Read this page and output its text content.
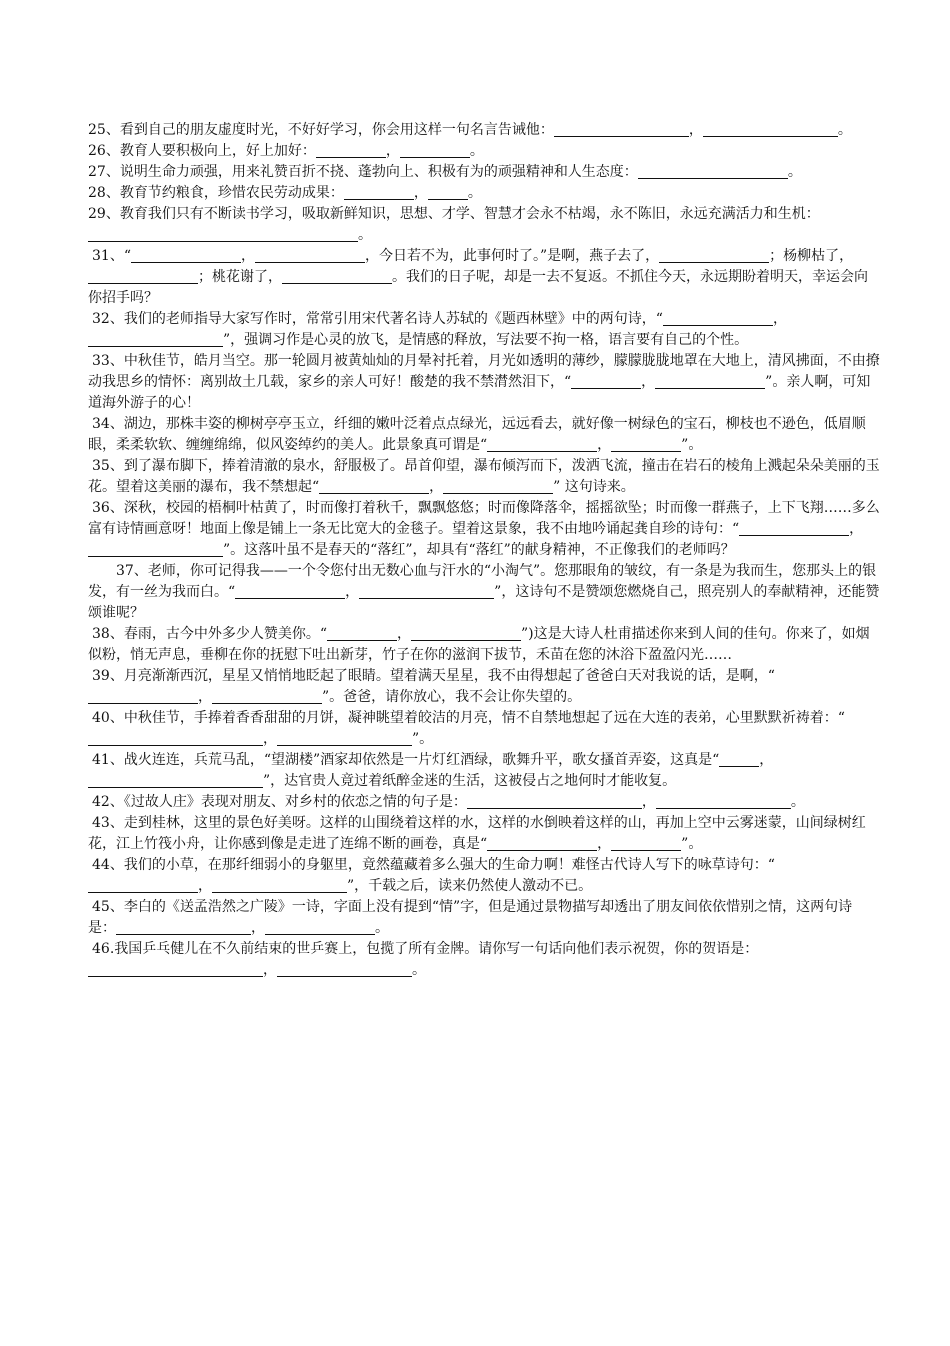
25、看到自己的朋友虚度时光，不好好学习，你会用这样一句名言告诫他：	，	。

26、教育人要积极向上，好上加好：	，	。

27、说明生命力顽强，用来礼赞百折不挠、蓬勃向上、积极有为的顽强精神和人生态度：	。

28、教育节约粮食，珍惜农民劳动成果：	，	。

29、教育我们只有不断读书学习，吸取新鲜知识，思想、才学、智慧才会永不枯竭，永不陈旧，永远充满活力和生机：。

31、“	，	，今日若不为，此事何时了。”是啊，燕子去了，	；杨柳枯了，；桃花谢了，	。我们的日子呢，却是一去不复返。不抓住今天，永远期盼着明天，幸运会向你招手吗？

32、我们的老师指导大家写作时，常常引用宋代著名诗人苏轼的《题西林壁》中的两句诗，“	，”，强调习作是心灵的放飞，是情感的释放，写法要不拘一格，语言要有自己的个性。

33、中秋佳节，皓月当空。那一轮圆月被黄灿灿的月晕衬托着，月光如透明的薄纱，朦朦胧胧地罩在大地上，清风拂面，不由撩动我思乡的情怀：离别故土几载，家乡的亲人可好！酸楚的我不禁潸然泪下，“	，	”。亲人啊，可知道海外游子的心！

34、湖边，那株丰姿的柳树亭亭玉立，纤细的嫩叶泛着点点绿光，远远看去，就好像一树绿色的宝石，柳枝也不逊色，低眉顺眼，柔柔软软、缠缠绵绵，似风姿绰约的美人。此景象真可谓是“	，	”。

35、到了瀑布脚下，捧着清澈的泉水，舒服极了。昂首仰望，瀑布倾泻而下，泼洒飞流，撞击在岩石的棱角上溅起朵朵美丽的玉花。望着这美丽的瀑布，我不禁想起“	，	” 这句诗来。

36、深秋，校园的梧桐叶枯黄了，时而像打着秋千，飘飘悠悠；时而像降落伞，摇摇欲坠；时而像一群燕子，上下飞翔……多么富有诗情画意呀！地面上像是铺上一条无比宽大的金毯子。望着这景象，我不由地吟诵起龚自珍的诗句：“	，”。这落叶虽不是春天的“落红”，却具有“落红”的献身精神，不正像我们的老师吗？

37、老师，你可记得我——一个令您付出无数心血与汗水的“小淘气”。您那眼角的皱纹，有一条是为我而生，您那头上的银发，有一丝为我而白。“	，	”，这诗句不是赞颂您燃烧自己，照亮别人的奉献精神，还能赞颂谁呢？

38、春雨，古今中外多少人赞美你。“	，	”)这是大诗人杜甫描述你来到人间的佳句。你来了，如烟似粉，悄无声息，垂柳在你的抚慰下吐出新芽，竹子在你的滋润下拔节，禾苗在您的沐浴下盈盈闪光……

39、月亮渐渐西沉，星星又悄悄地眨起了眼睛。望着满天星星，我不由得想起了爸爸白天对我说的话，是啊，“，	”。爸爸，请你放心，我不会让你失望的。

40、中秋佳节，手捧着香香甜甜的月饼，凝神眺望着皎洁的月亮，情不自禁地想起了远在大连的表弟，心里默默祈祷着：“，	”。

41、战火连连，兵荒马乱，“望湖楼”酒家却依然是一片灯红酒绿，歌舞升平，歌女搔首弄姿，这真是“	，”，达官贵人竟过着纸醉金迷的生活，这被侵占之地何时才能收复。

42、《过故人庄》表现对朋友、对乡村的依恋之情的句子是：	，	。

43、走到桂林，这里的景色好美呀。这样的山围绕着这样的水，这样的水倒映着这样的山，再加上空中云雾迷蒙，山间绿树红花，江上竹筏小舟，让你感到像是走进了连绵不断的画卷，真是“	，	”。

44、我们的小草，在那纤细弱小的身躯里，竟然蕴藏着多么强大的生命力啊！难怪古代诗人写下的咏草诗句：“，	”，千载之后，读来仍然使人激动不已。

45、李白的《送孟浩然之广陵》一诗，字面上没有提到“情”字，但是通过景物描写却透出了朋友间依依惜别之情，这两句诗是：	，	。

46.我国乒乓健儿在不久前结束的世乒赛上，包揽了所有金牌。请你写一句话向他们表示祝贺，你的贺语是：，	。
